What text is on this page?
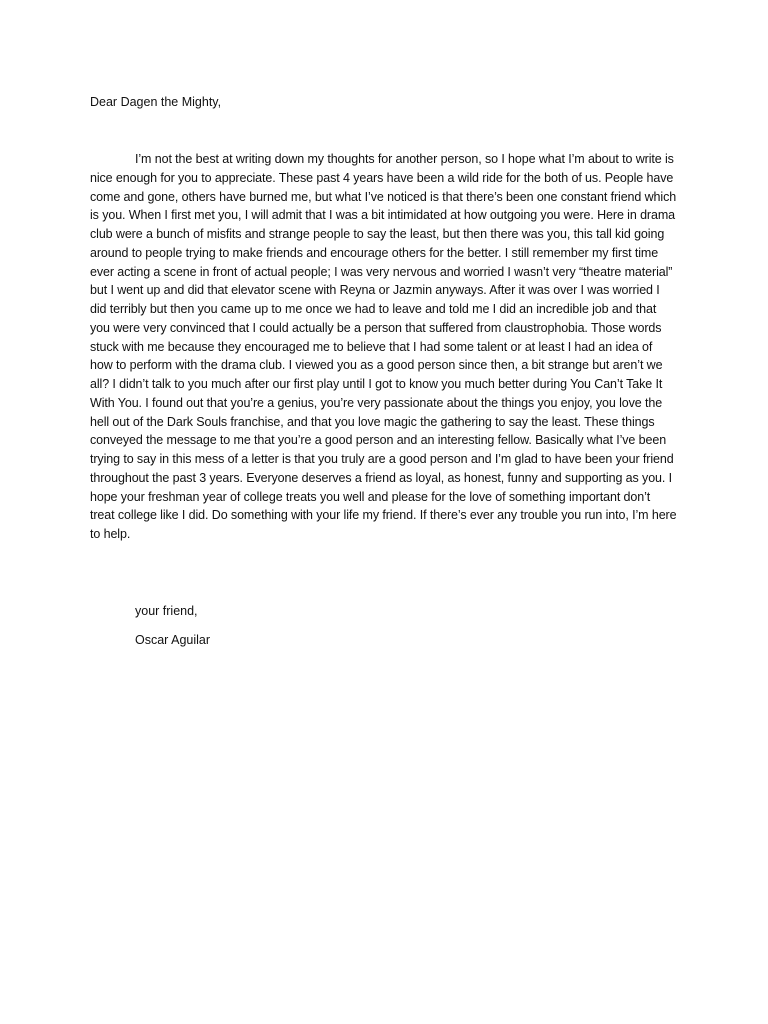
Dear Dagen the Mighty,

I’m not the best at writing down my thoughts for another person, so I hope what I’m about to write is nice enough for you to appreciate. These past 4 years have been a wild ride for the both of us. People have come and gone, others have burned me, but what I’ve noticed is that there’s been one constant friend which is you. When I first met you, I will admit that I was a bit intimidated at how outgoing you were. Here in drama club were a bunch of misfits and strange people to say the least, but then there was you, this tall kid going around to people trying to make friends and encourage others for the better. I still remember my first time ever acting a scene in front of actual people; I was very nervous and worried I wasn’t very “theatre material” but I went up and did that elevator scene with Reyna or Jazmin anyways. After it was over I was worried I did terribly but then you came up to me once we had to leave and told me I did an incredible job and that you were very convinced that I could actually be a person that suffered from claustrophobia. Those words stuck with me because they encouraged me to believe that I had some talent or at least I had an idea of how to perform with the drama club. I viewed you as a good person since then, a bit strange but aren’t we all? I didn’t talk to you much after our first play until I got to know you much better during You Can’t Take It With You. I found out that you’re a genius, you’re very passionate about the things you enjoy, you love the hell out of the Dark Souls franchise, and that you love magic the gathering to say the least. These things conveyed the message to me that you’re a good person and an interesting fellow. Basically what I’ve been trying to say in this mess of a letter is that you truly are a good person and I’m glad to have been your friend throughout the past 3 years. Everyone deserves a friend as loyal, as honest, funny and supporting as you. I hope your freshman year of college treats you well and please for the love of something important don’t treat college like I did. Do something with your life my friend. If there’s ever any trouble you run into, I’m here to help.

your friend,

Oscar Aguilar
